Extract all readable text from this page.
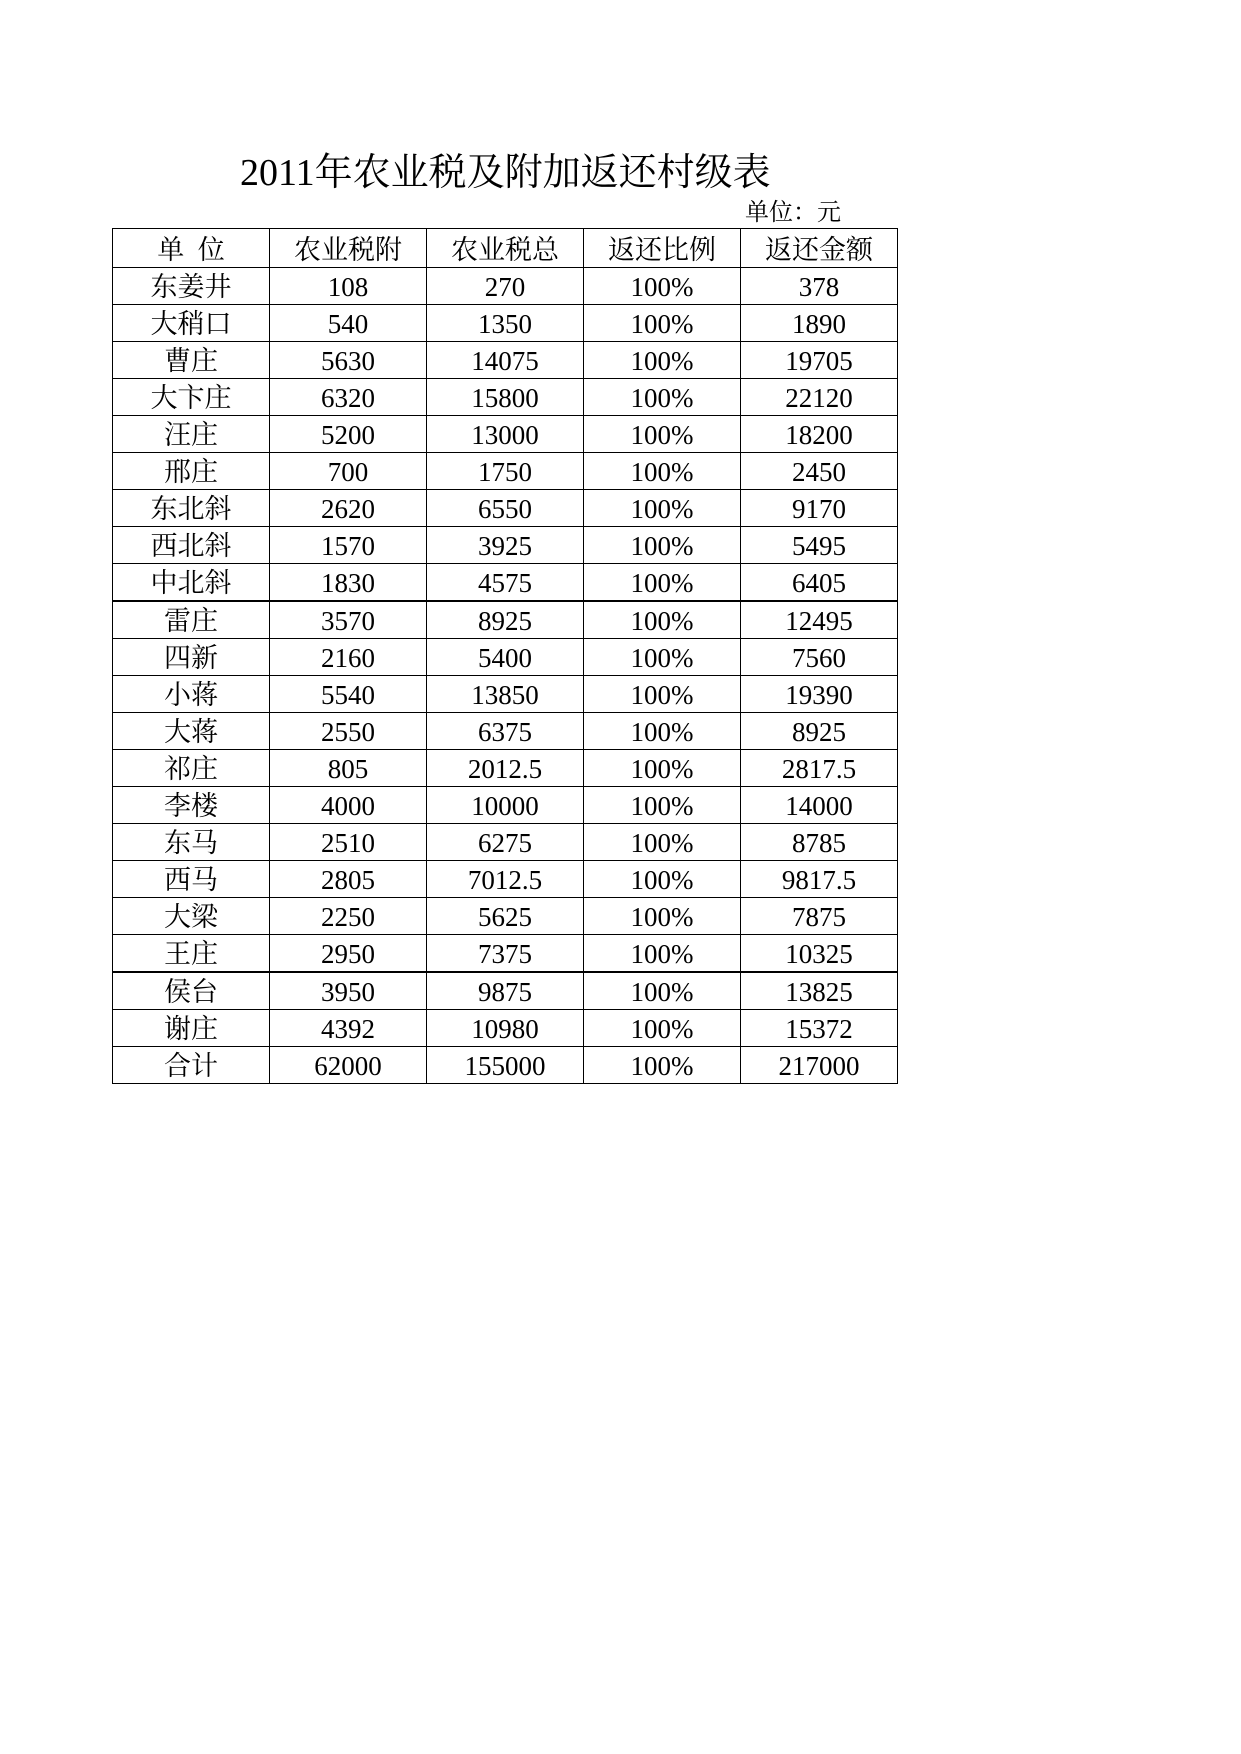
2011年农业税及附加返还村级表
单位：元
单  位	农业税附	农业税总	返还比例	返还金额
东姜井	108	270	100%	378
大稍口	540	1350	100%	1890
曹庄	5630	14075	100%	19705
大卞庄	6320	15800	100%	22120
汪庄	5200	13000	100%	18200
邢庄	700	1750	100%	2450
东北斜	2620	6550	100%	9170
西北斜	1570	3925	100%	5495
中北斜	1830	4575	100%	6405
雷庄	3570	8925	100%	12495
四新	2160	5400	100%	7560
小蒋	5540	13850	100%	19390
大蒋	2550	6375	100%	8925
祁庄	805	2012.5	100%	2817.5
李楼	4000	10000	100%	14000
东马	2510	6275	100%	8785
西马	2805	7012.5	100%	9817.5
大梁	2250	5625	100%	7875
王庄	2950	7375	100%	10325
侯台	3950	9875	100%	13825
谢庄	4392	10980	100%	15372
合计	62000	155000	100%	217000
